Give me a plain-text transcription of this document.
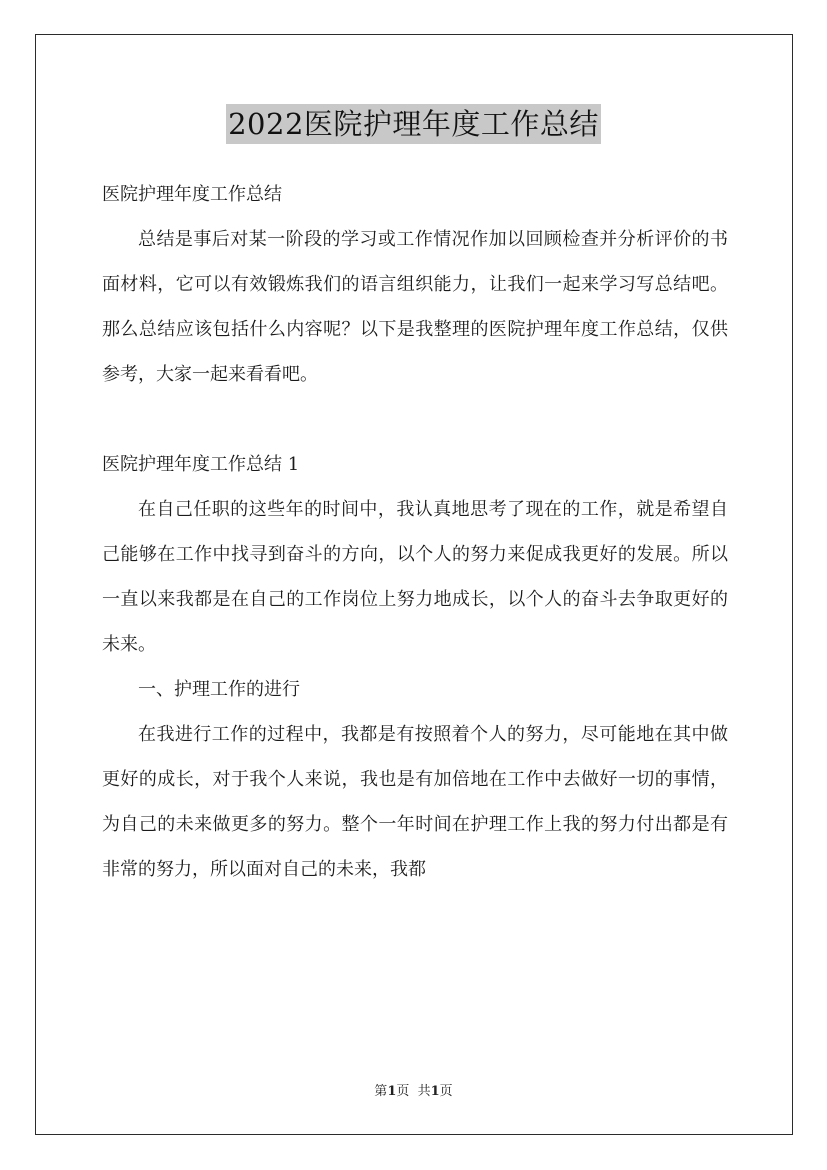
2022医院护理年度工作总结

医院护理年度工作总结

总结是事后对某一阶段的学习或工作情况作加以回顾检查并分析评价的书面材料，它可以有效锻炼我们的语言组织能力，让我们一起来学习写总结吧。那么总结应该包括什么内容呢？以下是我整理的医院护理年度工作总结，仅供参考，大家一起来看看吧。

医院护理年度工作总结 1

在自己任职的这些年的时间中，我认真地思考了现在的工作，就是希望自己能够在工作中找寻到奋斗的方向，以个人的努力来促成我更好的发展。所以一直以来我都是在自己的工作岗位上努力地成长，以个人的奋斗去争取更好的未来。

一、护理工作的进行

在我进行工作的过程中，我都是有按照着个人的努力，尽可能地在其中做更好的成长，对于我个人来说，我也是有加倍地在工作中去做好一切的事情，为自己的未来做更多的努力。整个一年时间在护理工作上我的努力付出都是有非常的努力，所以面对自己的未来，我都

第1页  共1页
